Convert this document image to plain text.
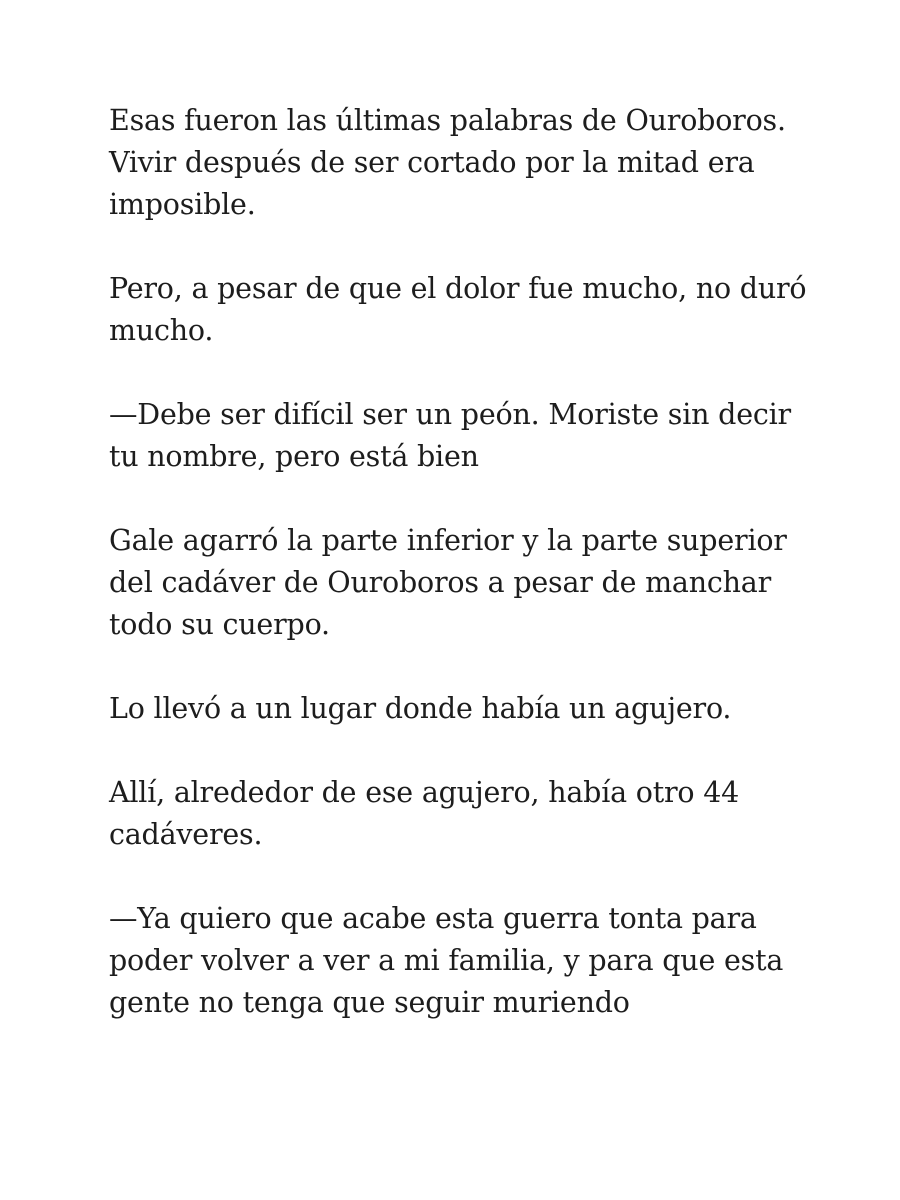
Esas fueron las últimas palabras de Ouroboros. Vivir después de ser cortado por la mitad era imposible.

Pero, a pesar de que el dolor fue mucho, no duró mucho.

—Debe ser difícil ser un peón. Moriste sin decir tu nombre, pero está bien

Gale agarró la parte inferior y la parte superior del cadáver de Ouroboros a pesar de manchar todo su cuerpo.

Lo llevó a un lugar donde había un agujero.

Allí, alrededor de ese agujero, había otro 44 cadáveres.

—Ya quiero que acabe esta guerra tonta para poder volver a ver a mi familia, y para que esta gente no tenga que seguir muriendo
